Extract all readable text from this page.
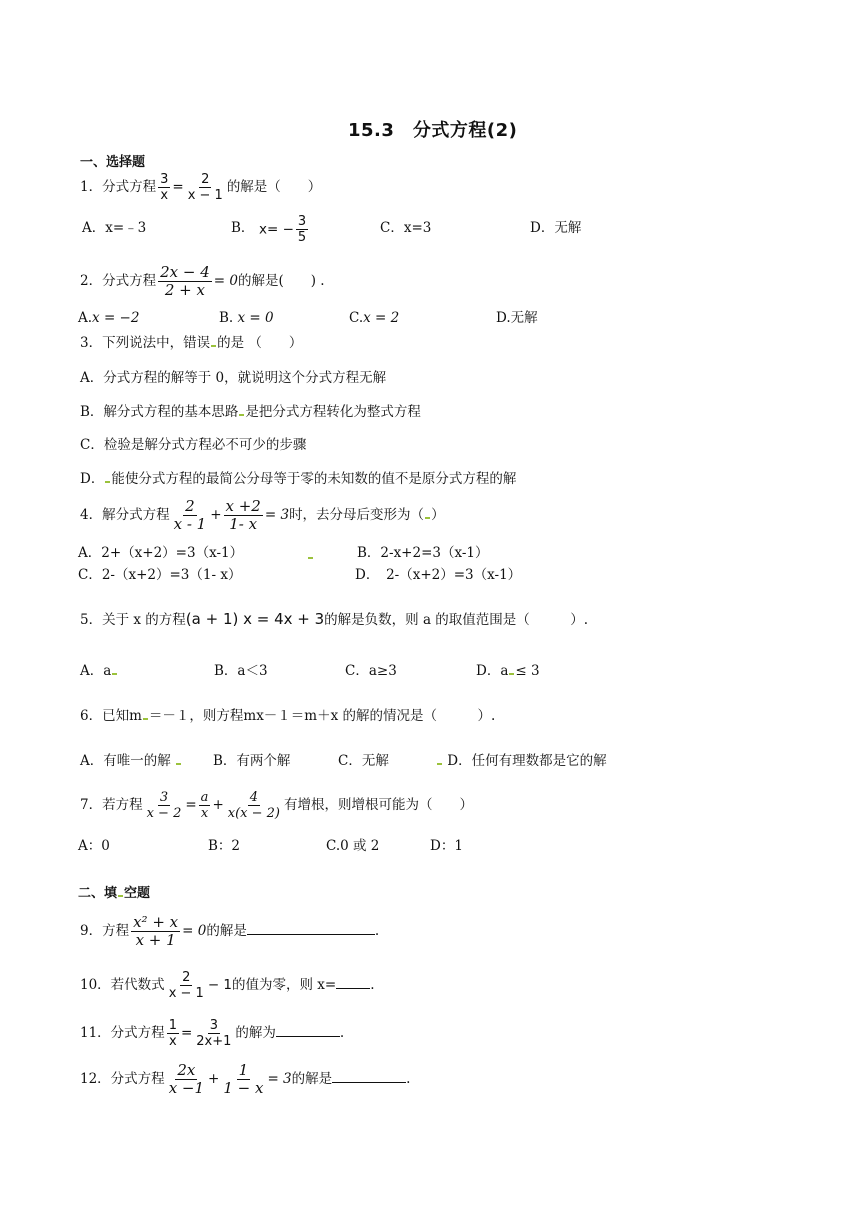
15.3　分式方程(2)
一、选择题
1．分式方程 $\frac{3}{x} = \frac{2}{x - 1}$ 的解是（　　）
A．x=﹣3	B． $x= - \frac{3}{5}$	C．x=3	D．无解
2．分式方程 $\frac{2x - 4}{2 + x} = 0$的解是(　　) .
A.x = −2	B. x = 0	C.x = 2	D.无解
3．下列说法中，错误 的是 （　　）
A．分式方程的解等于 0，就说明这个分式方程无解
B．解分式方程的基本思路 是把分式方程转化为整式方程
C．检验是解分式方程必不可少的步骤
D． 能使分式方程的最简公分母等于零的未知数的值不是原分式方程的解
4．解分式方程 $\frac{2}{x - 1} + \frac{x +2}{1- x} = 3$时，去分母后变形为（ ）
A．2+（x+2）=3（x-1）	B．2-x+2=3（x-1）
C．2-（x+2）=3（1- x）	D．　2-（x+2）=3（x-1）
5．关于 x 的方程(a + 1) x = 4x + 3的解是负数，则 a 的取值范围是（　　　）.
A．a	B．a＜3	C．a≥3	D．a ≤ 3
6．已知m ＝－１，则方程mx－１＝m＋x 的解的情况是（　　　）.
A．有唯一的解	B．有两个解	C．无解	D．任何有理数都是它的解
7．若方程 $\frac{3}{x - 2} = \frac{a}{x} + \frac{4}{x(x - 2)}$ 有增根，则增根可能为（　　）
A：0	B：2	C.0 或 2	D：1
二、填 空题
9．方程 $\frac{\text{x² + x}}{x + 1} = 0$的解是	.
10．若代数式 $\frac{2}{x - 1} - 1$的值为零，则 x=	.
11．分式方程 $\frac{1}{x} = \frac{3}{2x+1}$ 的解为	.
12．分式方程 $\frac{2x}{x -1} + \frac{1}{1 - x} = 3$的解是	.
